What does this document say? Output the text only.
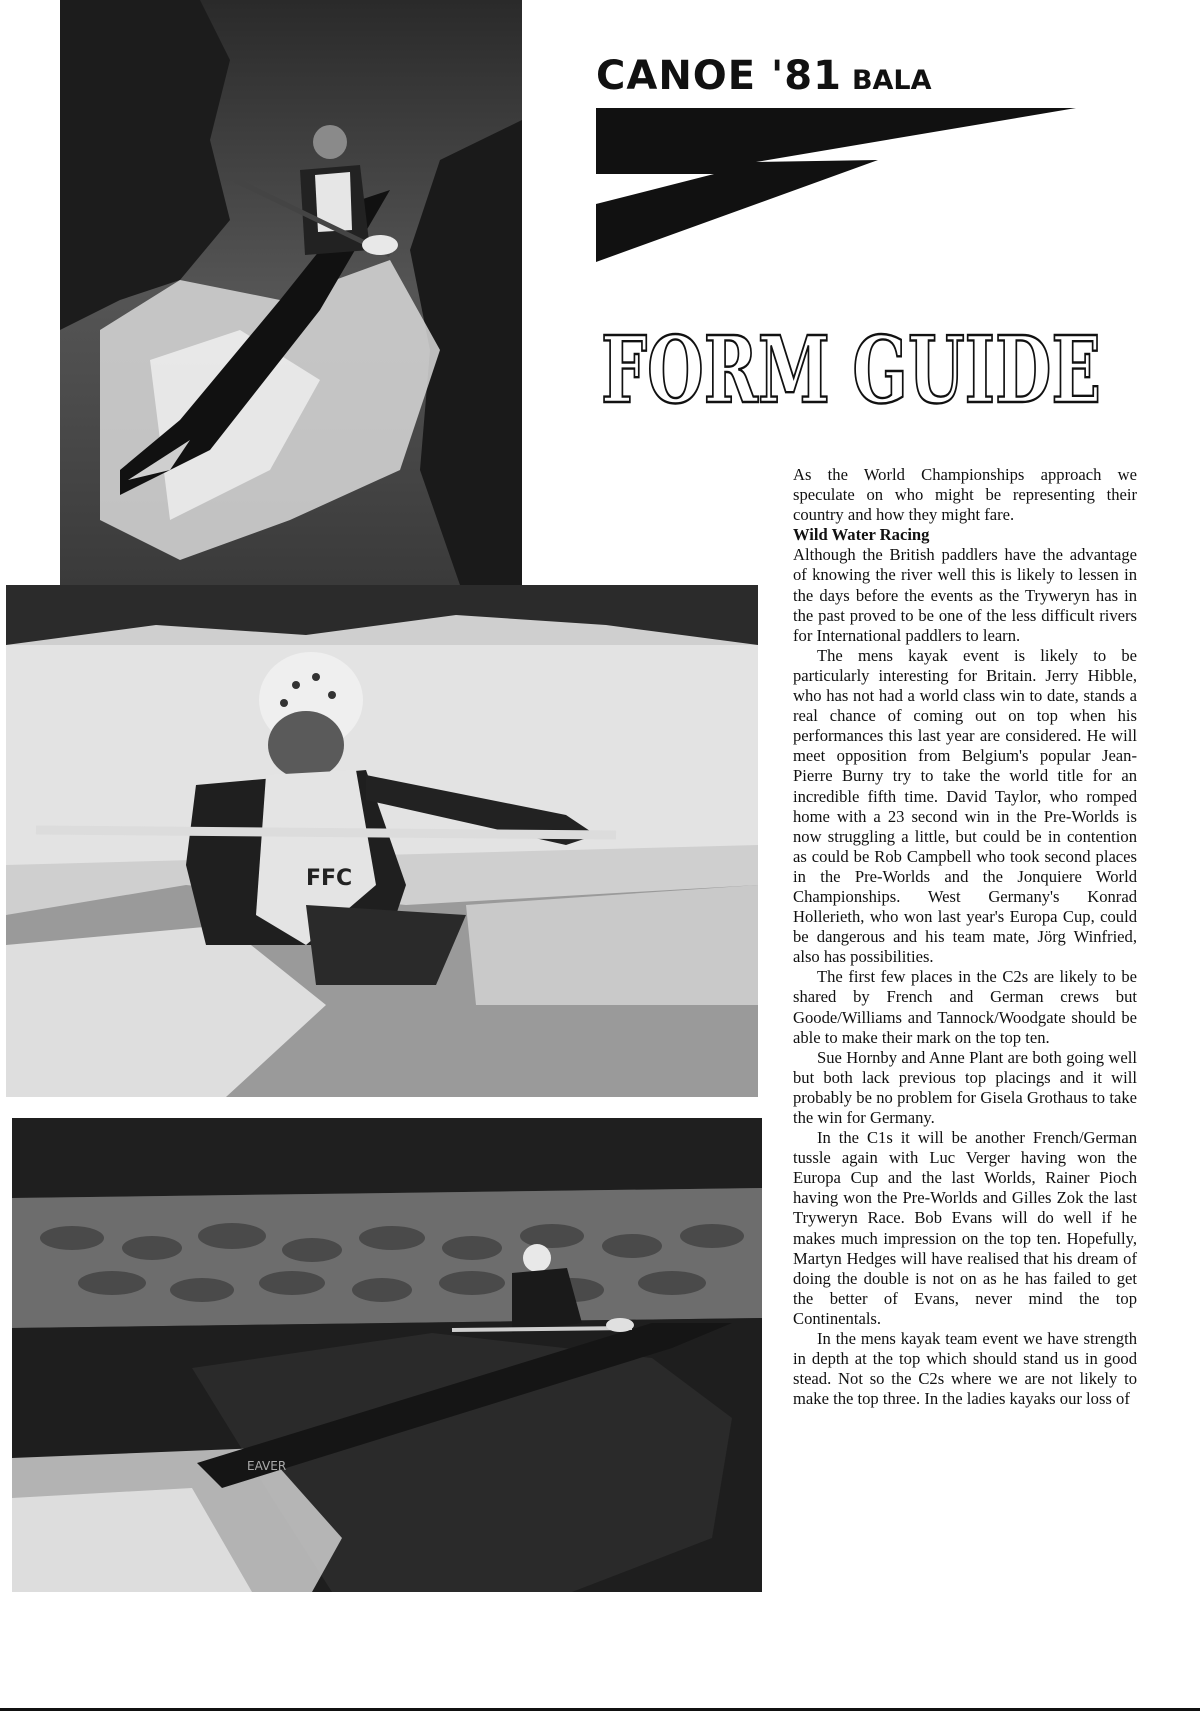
FFC
EAVER
CANOE '81 BALA
FORM GUIDE

As the World Championships approach we speculate on who might be representing their country and how they might fare.

Wild Water Racing

Although the British paddlers have the advantage of knowing the river well this is likely to lessen in the days before the events as the Tryweryn has in the past proved to be one of the less difficult rivers for International paddlers to learn.

The mens kayak event is likely to be particularly interesting for Britain. Jerry Hibble, who has not had a world class win to date, stands a real chance of coming out on top when his performances this last year are considered. He will meet opposition from Belgium's popular Jean-Pierre Burny try to take the world title for an incredible fifth time. David Taylor, who romped home with a 23 second win in the Pre-Worlds is now struggling a little, but could be in contention as could be Rob Campbell who took second places in the Pre-Worlds and the Jonquiere World Championships. West Germany's Konrad Hollerieth, who won last year's Europa Cup, could be dangerous and his team mate, Jörg Winfried, also has possibilities.

The first few places in the C2s are likely to be shared by French and German crews but Goode/Williams and Tannock/Woodgate should be able to make their mark on the top ten.

Sue Hornby and Anne Plant are both going well but both lack previous top placings and it will probably be no problem for Gisela Grothaus to take the win for Germany.

In the C1s it will be another French/German tussle again with Luc Verger having won the Europa Cup and the last Worlds, Rainer Pioch having won the Pre-Worlds and Gilles Zok the last Tryweryn Race. Bob Evans will do well if he makes much impression on the top ten. Hopefully, Martyn Hedges will have realised that his dream of doing the double is not on as he has failed to get the better of Evans, never mind the top Continentals.

In the mens kayak team event we have strength in depth at the top which should stand us in good stead. Not so the C2s where we are not likely to make the top three. In the ladies kayaks our loss of
